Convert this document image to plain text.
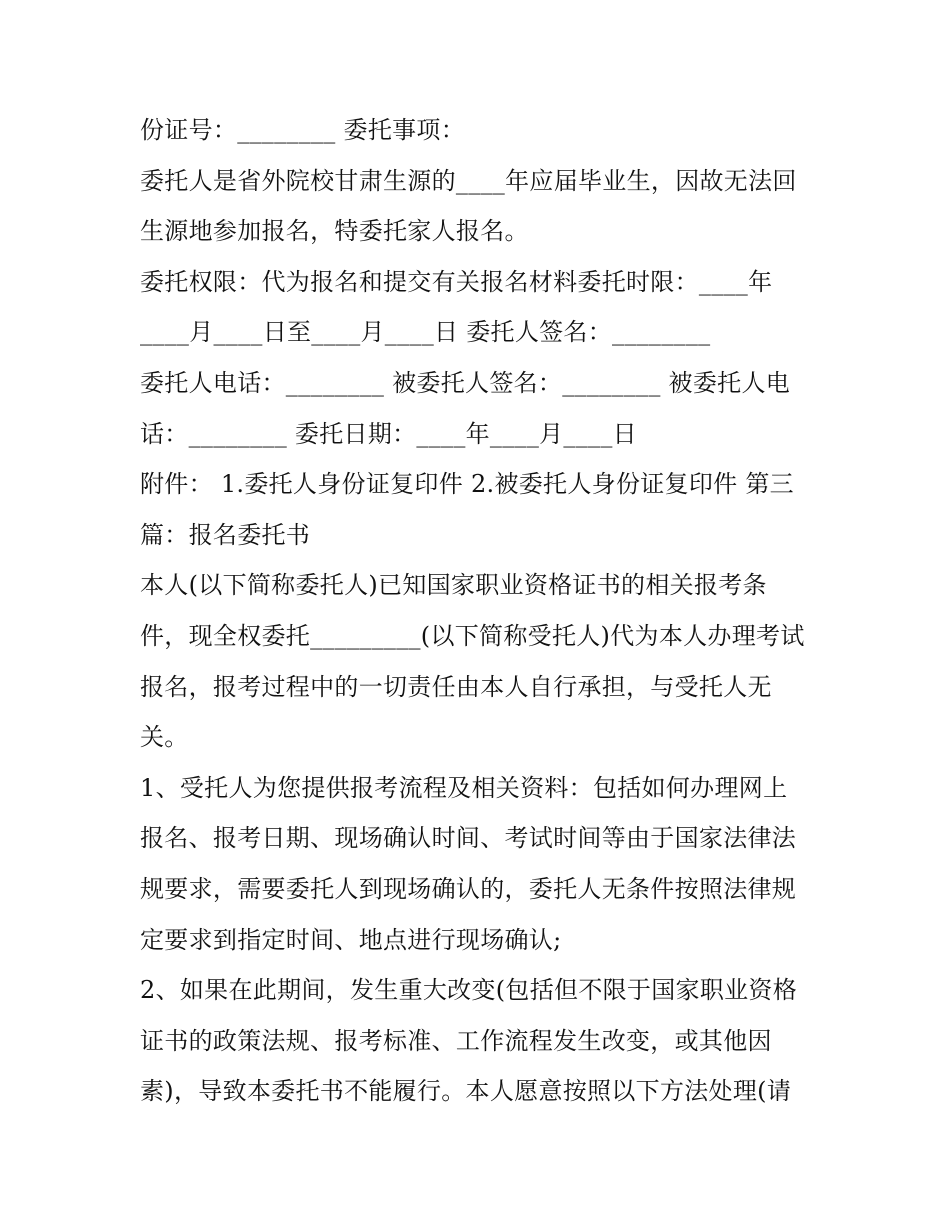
份证号：________ 委托事项：
委托人是省外院校甘肃生源的____年应届毕业生，因故无法回
生源地参加报名，特委托家人报名。
委托权限：代为报名和提交有关报名材料委托时限：____年
____月____日至____月____日 委托人签名：________
委托人电话：________ 被委托人签名：________ 被委托人电
话：________ 委托日期：____年____月____日
附件： 1.委托人身份证复印件 2.被委托人身份证复印件 第三
篇：报名委托书
本人(以下简称委托人)已知国家职业资格证书的相关报考条
件，现全权委托_________(以下简称受托人)代为本人办理考试
报名，报考过程中的一切责任由本人自行承担，与受托人无
关。
1、受托人为您提供报考流程及相关资料：包括如何办理网上
报名、报考日期、现场确认时间、考试时间等由于国家法律法
规要求，需要委托人到现场确认的，委托人无条件按照法律规
定要求到指定时间、地点进行现场确认;
2、如果在此期间，发生重大改变(包括但不限于国家职业资格
证书的政策法规、报考标准、工作流程发生改变，或其他因
素)，导致本委托书不能履行。本人愿意按照以下方法处理(请
